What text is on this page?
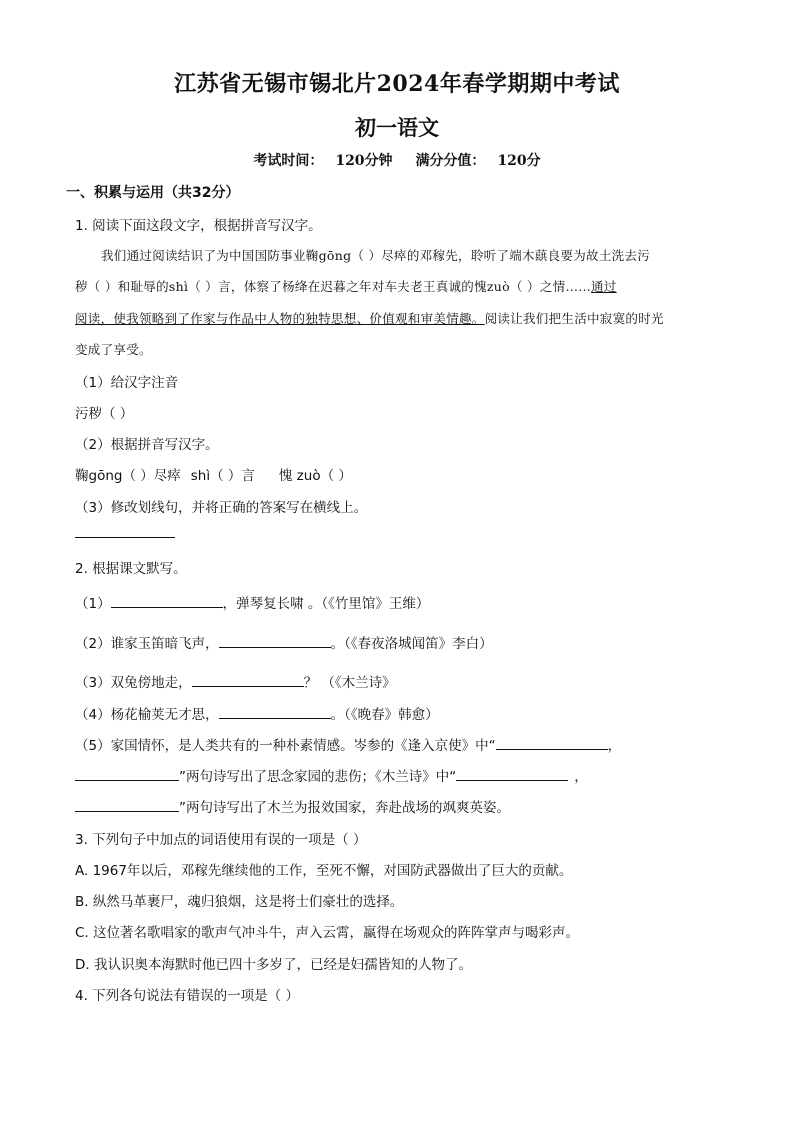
江苏省无锡市锡北片2024年春学期期中考试
初一语文
考试时间： 120分钟 满分分值： 120分
一、积累与运用（共32分）
1. 阅读下面这段文字，根据拼音写汉字。
我们通过阅读结识了为中国国防事业鞠gōng（ ）尽瘁的邓稼先，聆听了端木蕻良要为故土洗去污
秽（ ）和耻辱的shì（ ）言，体察了杨绛在迟暮之年对车夫老王真诚的愧zuò（ ）之情……通过
阅读，使我领略到了作家与作品中人物的独特思想、价值观和审美情趣。阅读让我们把生活中寂寞的时光
变成了享受。
（1）给汉字注音
污秽（ ）
（2）根据拼音写汉字。
鞠gōng（ ）尽瘁 shì（ ）言 愧 zuò（ ）
（3）修改划线句，并将正确的答案写在横线上。
2. 根据课文默写。
（1）	，弹琴复长啸 。（《竹里馆》王维）
（2）谁家玉笛暗飞声，	。（《春夜洛城闻笛》李白）
（3）双兔傍地走，	？ （《木兰诗》
（4）杨花榆荚无才思，	。（《晚春》韩愈）
（5）家国情怀，是人类共有的一种朴素情感。岑参的《逢入京使》中“	，
”两句诗写出了思念家园的悲伤；《木兰诗》中“	，
”两句诗写出了木兰为报效国家，奔赴战场的飒爽英姿。
3. 下列句子中加点的词语使用有误的一项是（ ）
A. 1967年以后，邓稼先继续他的工作，至死不懈，对国防武器做出了巨大的贡献。
B. 纵然马革裹尸，魂归狼烟，这是将士们豪壮的选择。
C. 这位著名歌唱家的歌声气冲斗牛，声入云霄，赢得在场观众的阵阵掌声与喝彩声。
D. 我认识奥本海默时他已四十多岁了，已经是妇孺皆知的人物了。
4. 下列各句说法有错误的一项是（ ）
